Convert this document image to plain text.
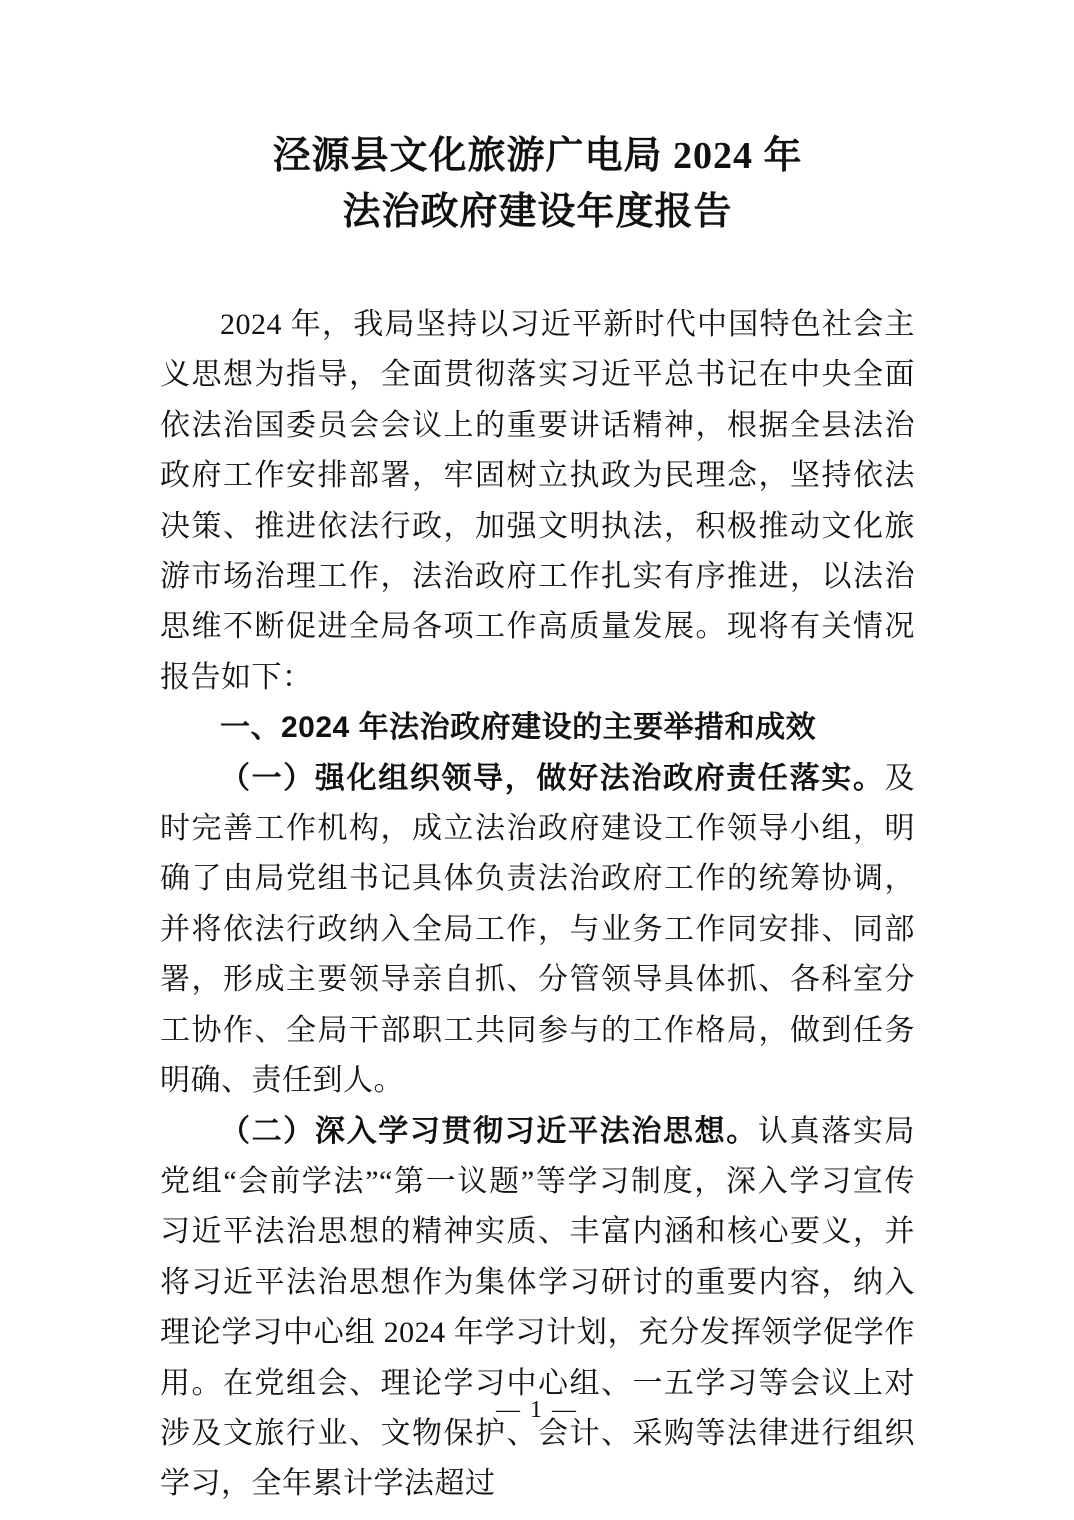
泾源县文化旅游广电局 2024 年
法治政府建设年度报告

2024 年，我局坚持以习近平新时代中国特色社会主义思想为指导，全面贯彻落实习近平总书记在中央全面依法治国委员会会议上的重要讲话精神，根据全县法治政府工作安排部署，牢固树立执政为民理念，坚持依法决策、推进依法行政，加强文明执法，积极推动文化旅游市场治理工作，法治政府工作扎实有序推进，以法治思维不断促进全局各项工作高质量发展。现将有关情况报告如下：

一、2024 年法治政府建设的主要举措和成效

（一）强化组织领导，做好法治政府责任落实。及时完善工作机构，成立法治政府建设工作领导小组，明确了由局党组书记具体负责法治政府工作的统筹协调，并将依法行政纳入全局工作，与业务工作同安排、同部署，形成主要领导亲自抓、分管领导具体抓、各科室分工协作、全局干部职工共同参与的工作格局，做到任务明确、责任到人。

（二）深入学习贯彻习近平法治思想。认真落实局党组“会前学法”“第一议题”等学习制度，深入学习宣传习近平法治思想的精神实质、丰富内涵和核心要义，并将习近平法治思想作为集体学习研讨的重要内容，纳入理论学习中心组 2024 年学习计划，充分发挥领学促学作用。在党组会、理论学习中心组、一五学习等会议上对涉及文旅行业、文物保护、会计、采购等法律进行组织学习，全年累计学法超过

— 1 —
